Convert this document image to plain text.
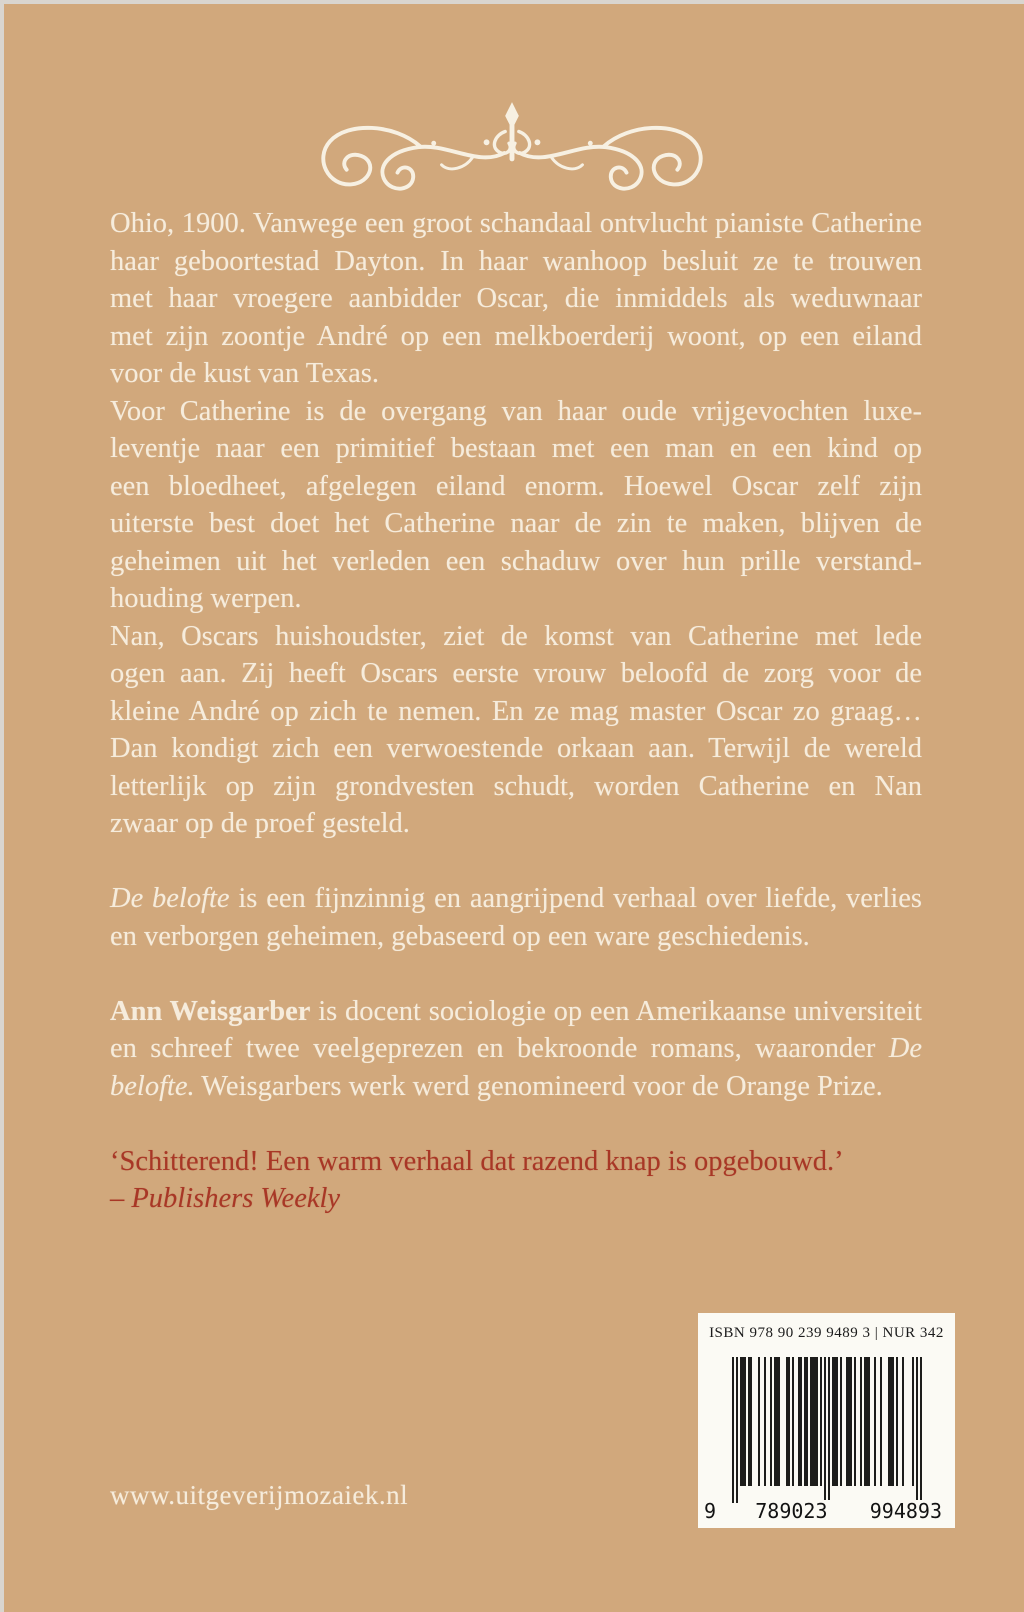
Ohio, 1900. Vanwege een groot schandaal ontvlucht pianiste Catherine
haar geboortestad Dayton. In haar wanhoop besluit ze te trouwen
met haar vroegere aanbidder Oscar, die inmiddels als weduwnaar
met zijn zoontje André op een melkboerderij woont, op een eiland
voor de kust van Texas.
Voor Catherine is de overgang van haar oude vrijgevochten luxe-
leventje naar een primitief bestaan met een man en een kind op
een bloedheet, afgelegen eiland enorm. Hoewel Oscar zelf zijn
uiterste best doet het Catherine naar de zin te maken, blijven de
geheimen uit het verleden een schaduw over hun prille verstand-
houding werpen.
Nan, Oscars huishoudster, ziet de komst van Catherine met lede
ogen aan. Zij heeft Oscars eerste vrouw beloofd de zorg voor de
kleine André op zich te nemen. En ze mag master Oscar zo graag…
Dan kondigt zich een verwoestende orkaan aan. Terwijl de wereld
letterlijk op zijn grondvesten schudt, worden Catherine en Nan
zwaar op de proef gesteld.
De belofte is een fijnzinnig en aangrijpend verhaal over liefde, verlies
en verborgen geheimen, gebaseerd op een ware geschiedenis.
Ann Weisgarber is docent sociologie op een Amerikaanse universiteit
en schreef twee veelgeprezen en bekroonde romans, waaronder De
belofte. Weisgarbers werk werd genomineerd voor de Orange Prize.
‘Schitterend! Een warm verhaal dat razend knap is opgebouwd.’
– Publishers Weekly
www.uitgeverijmozaiek.nl
ISBN 978 90 239 9489 3 | NUR 342
9 789023 994893
